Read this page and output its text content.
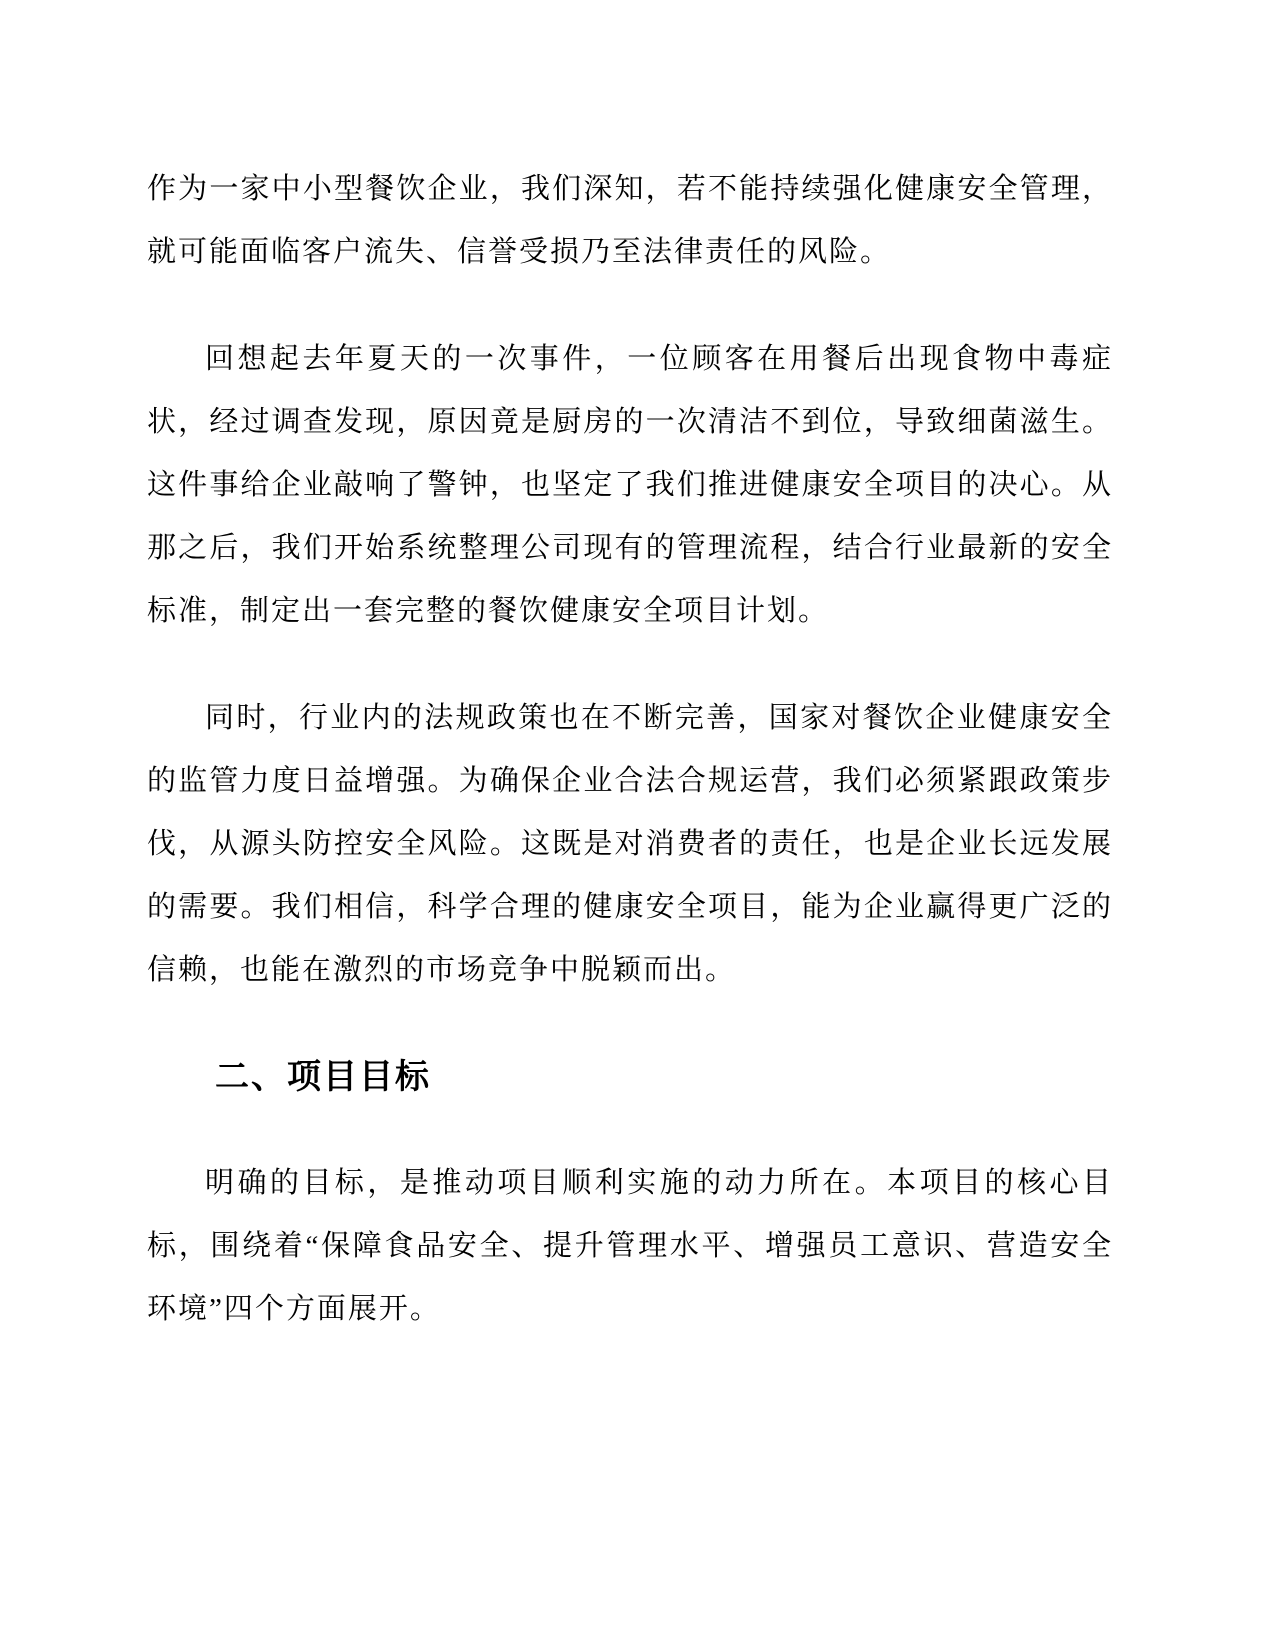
作为一家中小型餐饮企业，我们深知，若不能持续强化健康安全管理，就可能面临客户流失、信誉受损乃至法律责任的风险。

回想起去年夏天的一次事件，一位顾客在用餐后出现食物中毒症状，经过调查发现，原因竟是厨房的一次清洁不到位，导致细菌滋生。这件事给企业敲响了警钟，也坚定了我们推进健康安全项目的决心。从那之后，我们开始系统整理公司现有的管理流程，结合行业最新的安全标准，制定出一套完整的餐饮健康安全项目计划。

同时，行业内的法规政策也在不断完善，国家对餐饮企业健康安全的监管力度日益增强。为确保企业合法合规运营，我们必须紧跟政策步伐，从源头防控安全风险。这既是对消费者的责任，也是企业长远发展的需要。我们相信，科学合理的健康安全项目，能为企业赢得更广泛的信赖，也能在激烈的市场竞争中脱颖而出。

二、项目目标

明确的目标，是推动项目顺利实施的动力所在。本项目的核心目标，围绕着“保障食品安全、提升管理水平、增强员工意识、营造安全环境”四个方面展开。
